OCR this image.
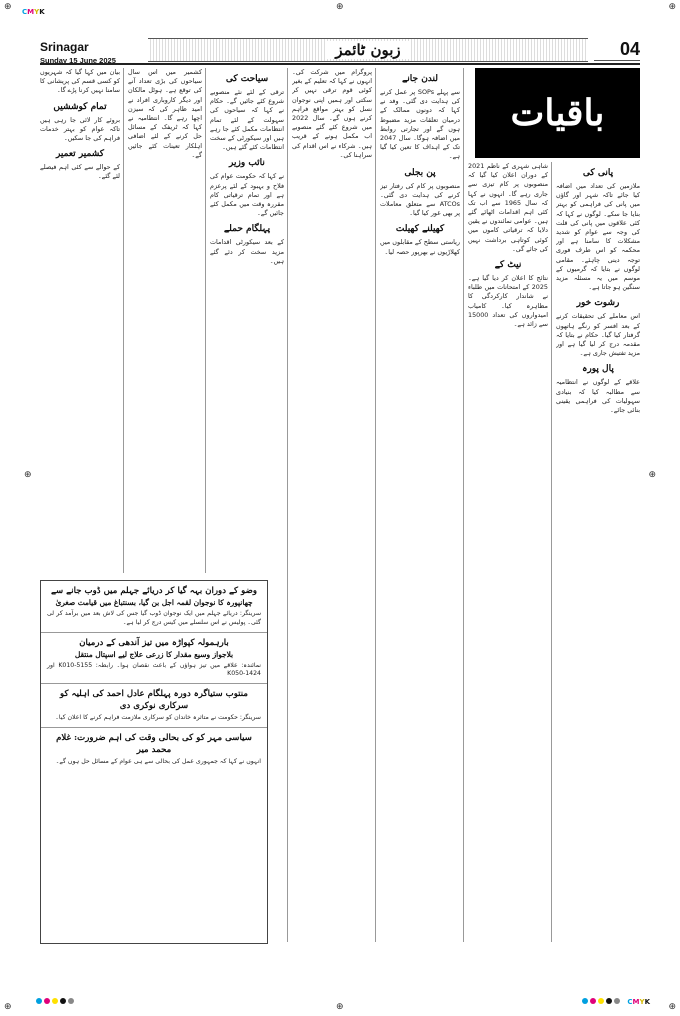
⊕	⊕
⊕	⊕
⊕	⊕
⊕
⊕
CMYK
CMYK
Srinagar
Sunday 15 June 2025
زبون ٹائمز	04
باقیات
پانی کی
ملازمین کی تعداد میں اضافہ کیا جائے تاکہ شہر اور گاؤں میں پانی کی فراہمی کو بہتر بنایا جا سکے۔ لوگوں نے کہا کہ کئی علاقوں میں پانی کی قلت کی وجہ سے عوام کو شدید مشکلات کا سامنا ہے اور محکمہ کو اس طرف فوری توجہ دینی چاہئے۔ مقامی لوگوں نے بتایا کہ گرمیوں کے موسم میں یہ مسئلہ مزید سنگین ہو جاتا ہے۔
رشوت خور
اس معاملے کی تحقیقات کرنے کے بعد افسر کو رنگے ہاتھوں گرفتار کیا گیا۔ حکام نے بتایا کہ مقدمہ درج کر لیا گیا ہے اور مزید تفتیش جاری ہے۔
پال پورہ
علاقے کے لوگوں نے انتظامیہ سے مطالبہ کیا کہ بنیادی سہولیات کی فراہمی یقینی بنائی جائے۔
شاہی شہری کے ناظم 2021 کے دوران اعلان کیا گیا کہ منصوبوں پر کام تیزی سے جاری رہے گا۔ انہوں نے کہا کہ سال 1965 سے اب تک کئی اہم اقدامات اٹھائے گئے ہیں۔ عوامی نمائندوں نے یقین دلایا کہ ترقیاتی کاموں میں کوئی کوتاہی برداشت نہیں کی جائے گی۔
نیٹ کے
نتائج کا اعلان کر دیا گیا ہے۔ 2025 کے امتحانات میں طلباء نے شاندار کارکردگی کا مظاہرہ کیا۔ کامیاب امیدواروں کی تعداد 15000 سے زائد ہے۔
لندن جانے
سے پہلے SOPs پر عمل کرنے کی ہدایت دی گئی۔ وفد نے کہا کہ دونوں ممالک کے درمیان تعلقات مزید مضبوط ہوں گے اور تجارتی روابط میں اضافہ ہوگا۔ سال 2047 تک کے اہداف کا تعین کیا گیا ہے۔
پن بجلی
منصوبوں پر کام کی رفتار تیز کرنے کی ہدایت دی گئی۔ ATCOs سے متعلق معاملات پر بھی غور کیا گیا۔
کھیلنے کھیلت
ریاستی سطح کے مقابلوں میں کھلاڑیوں نے بھرپور حصہ لیا۔
پروگرام میں شرکت کی۔ انہوں نے کہا کہ تعلیم کے بغیر کوئی قوم ترقی نہیں کر سکتی اور ہمیں اپنی نوجوان نسل کو بہتر مواقع فراہم کرنے ہوں گے۔ سال 2022 میں شروع کئے گئے منصوبے اب مکمل ہونے کے قریب ہیں۔ شرکاء نے اس اقدام کی سراہنا کی۔
سیاحت کی
ترقی کے لئے نئے منصوبے شروع کئے جائیں گے۔ حکام نے کہا کہ سیاحوں کی سہولت کے لئے تمام انتظامات مکمل کئے جا رہے ہیں اور سیکورٹی کے سخت انتظامات کئے گئے ہیں۔
نائب وزیر
نے کہا کہ حکومت عوام کی فلاح و بہبود کے لئے پرعزم ہے اور تمام ترقیاتی کام مقررہ وقت میں مکمل کئے جائیں گے۔
پہلگام حملے
کے بعد سیکورٹی اقدامات مزید سخت کر دئے گئے ہیں۔
کشمیر میں اس سال سیاحوں کی بڑی تعداد آنے کی توقع ہے۔ ہوٹل مالکان اور دیگر کاروباری افراد نے امید ظاہر کی کہ سیزن اچھا رہے گا۔ انتظامیہ نے کہا کہ ٹریفک کے مسائل حل کرنے کے لئے اضافی اہلکار تعینات کئے جائیں گے۔
بیان میں کہا گیا کہ شہریوں کو کسی قسم کی پریشانی کا سامنا نہیں کرنا پڑے گا۔
تمام کوششیں
بروئے کار لائی جا رہی ہیں تاکہ عوام کو بہتر خدمات فراہم کی جا سکیں۔
کشمیر تعمیر
کے حوالے سے کئی اہم فیصلے لئے گئے۔
وضو کے دوران بہہ گیا کر دریائے جہلم میں ڈوب جانے سے
چھانپورہ کا نوجوان لقمہ اجل بن گیا، بسنتباغ میں قیامت صغریٰ
سرینگر: دریائے جہلم میں ایک نوجوان ڈوب گیا جس کی لاش بعد میں برآمد کر لی گئی۔ پولیس نے اس سلسلے میں کیس درج کر لیا ہے۔
بارہمولہ کپواڑہ میں تیز آندھی کے درمیان
بلاجواز وسیع مقدار کا زرعی علاج لیے اسپتال منتقل
نمائندہ: علاقے میں تیز ہواؤں کے باعث نقصان ہوا۔ رابطہ: K010-5155 اور K050-1424
منتوب ستیاگرہ دورہ پہلگام عادل احمد کی اہلیہ کو سرکاری نوکری دی
سرینگر: حکومت نے متاثرہ خاندان کو سرکاری ملازمت فراہم کرنے کا اعلان کیا۔
سیاسی مہر کو کی بحالی وقت کی اہم ضرورت: غلام محمد میر
انہوں نے کہا کہ جمہوری عمل کی بحالی سے ہی عوام کے مسائل حل ہوں گے۔
